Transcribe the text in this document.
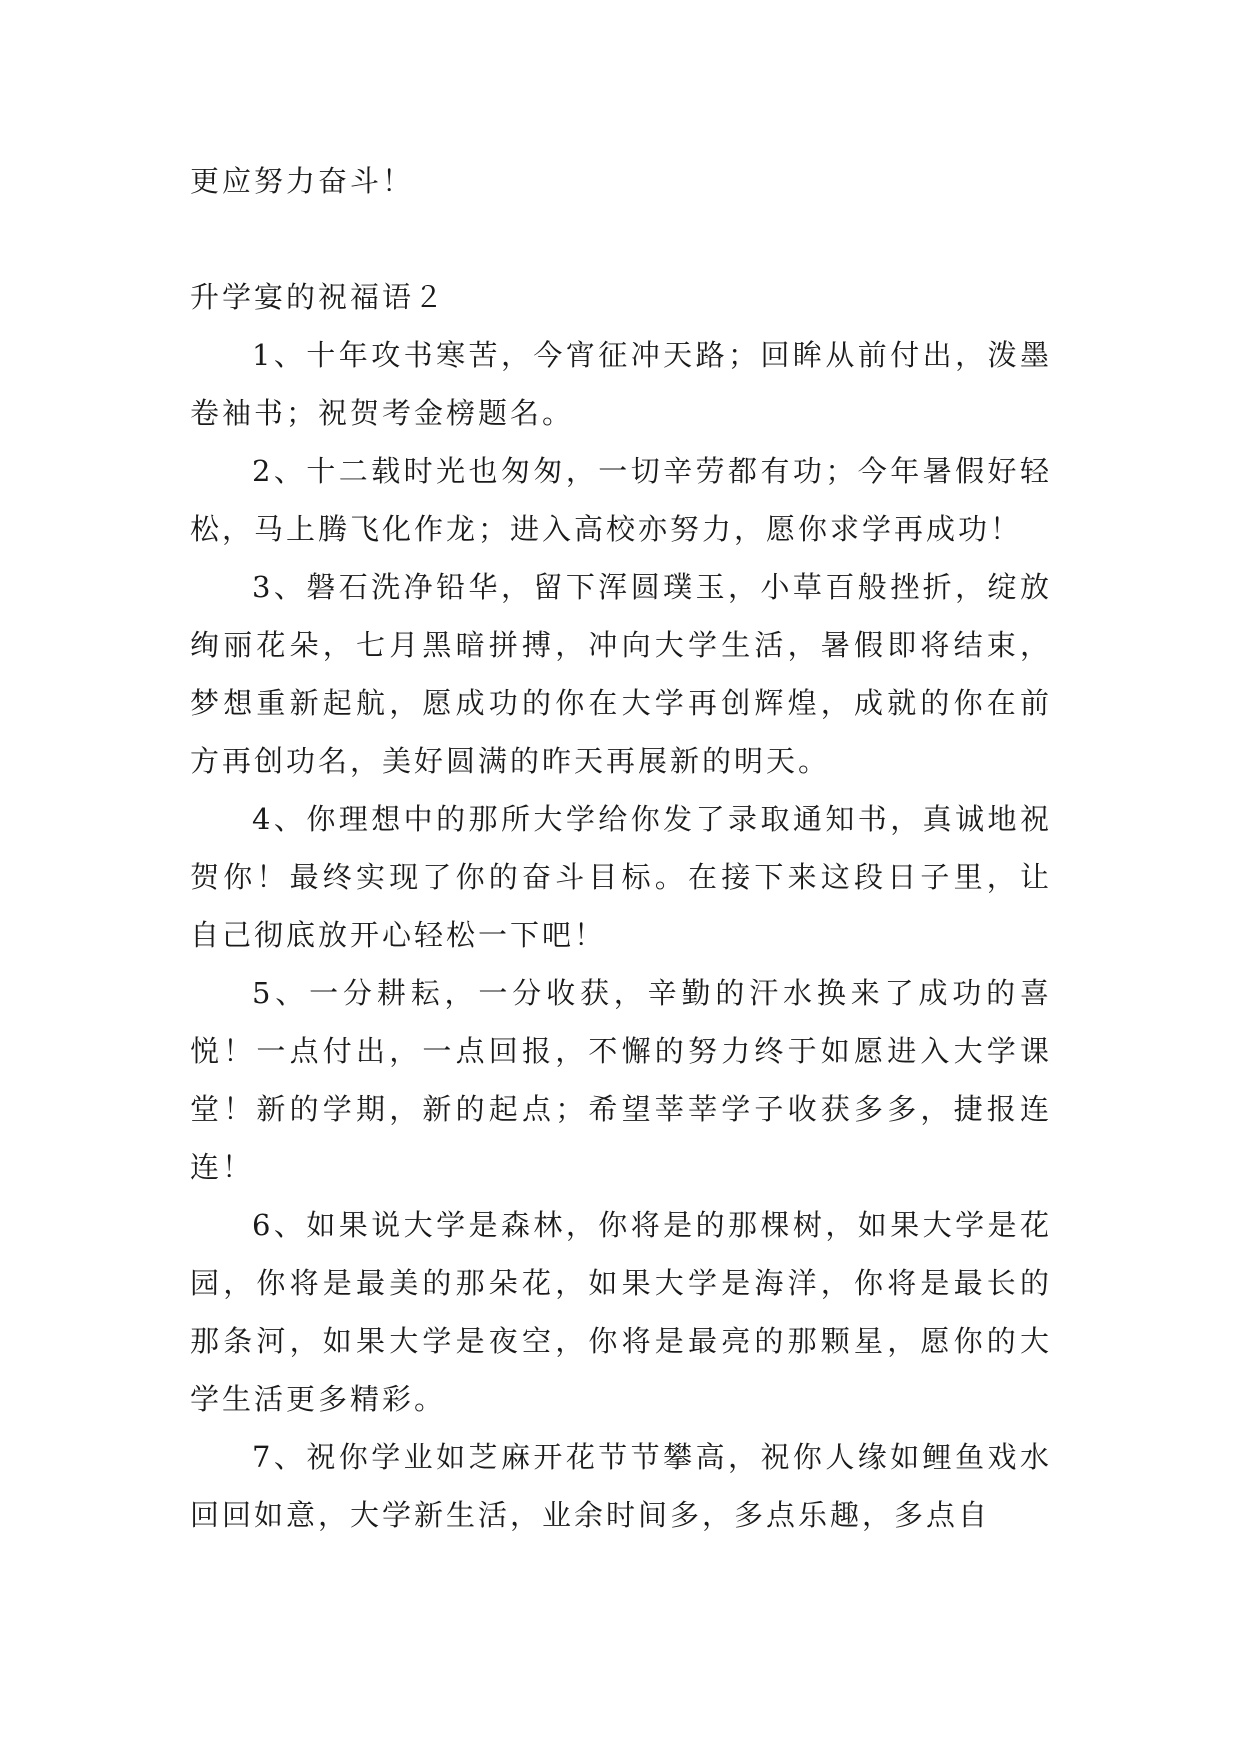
更应努力奋斗！

升学宴的祝福语２

1、十年攻书寒苦，今宵征冲天路；回眸从前付出，泼墨卷袖书；祝贺考金榜题名。

2、十二载时光也匆匆，一切辛劳都有功；今年暑假好轻松，马上腾飞化作龙；进入高校亦努力，愿你求学再成功！

3、磐石洗净铅华，留下浑圆璞玉，小草百般挫折，绽放绚丽花朵，七月黑暗拼搏，冲向大学生活，暑假即将结束，梦想重新起航，愿成功的你在大学再创辉煌，成就的你在前方再创功名，美好圆满的昨天再展新的明天。

4、你理想中的那所大学给你发了录取通知书，真诚地祝贺你！最终实现了你的奋斗目标。在接下来这段日子里，让自己彻底放开心轻松一下吧！

5、一分耕耘，一分收获，辛勤的汗水换来了成功的喜悦！一点付出，一点回报，不懈的努力终于如愿进入大学课堂！新的学期，新的起点；希望莘莘学子收获多多，捷报连连！

6、如果说大学是森林，你将是的那棵树，如果大学是花园，你将是最美的那朵花，如果大学是海洋，你将是最长的那条河，如果大学是夜空，你将是最亮的那颗星，愿你的大学生活更多精彩。

7、祝你学业如芝麻开花节节攀高，祝你人缘如鲤鱼戏水回回如意，大学新生活，业余时间多，多点乐趣，多点自
